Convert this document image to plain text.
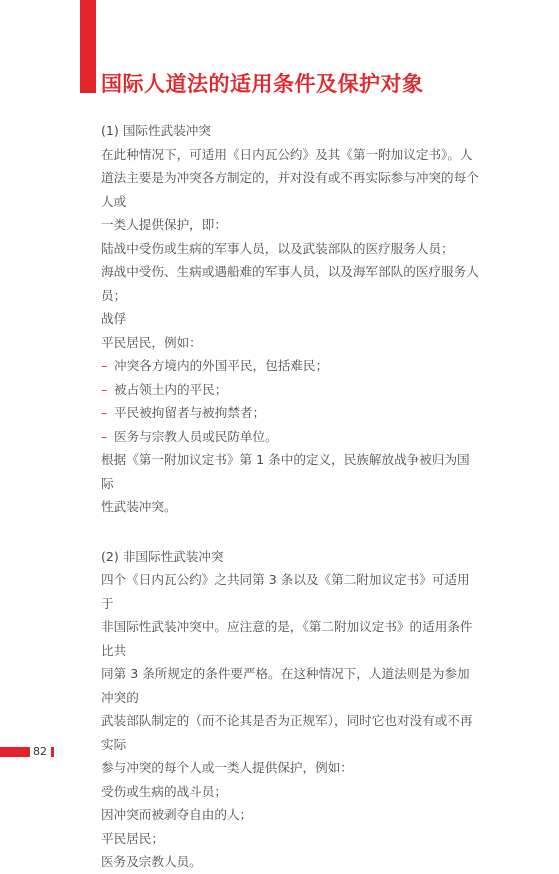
国际人道法的适用条件及保护对象

(1) 国际性武装冲突

在此种情况下，可适用《日内瓦公约》及其《第一附加议定书》。人

道法主要是为冲突各方制定的，并对没有或不再实际参与冲突的每个人或

一类人提供保护，即：

陆战中受伤或生病的军事人员，以及武装部队的医疗服务人员；

海战中受伤、生病或遇船难的军事人员，以及海军部队的医疗服务人

员；

战俘

平民居民，例如：

– 冲突各方境内的外国平民，包括难民；

– 被占领土内的平民；

– 平民被拘留者与被拘禁者；

– 医务与宗教人员或民防单位。

根据《第一附加议定书》第 1 条中的定义，民族解放战争被归为国际

性武装冲突。

(2) 非国际性武装冲突

四个《日内瓦公约》之共同第 3 条以及《第二附加议定书》可适用于

非国际性武装冲突中。应注意的是，《第二附加议定书》的适用条件比共

同第 3 条所规定的条件要严格。在这种情况下，人道法则是为参加冲突的

武装部队制定的（而不论其是否为正规军），同时它也对没有或不再实际

参与冲突的每个人或一类人提供保护，例如：

受伤或生病的战斗员；

因冲突而被剥夺自由的人；

平民居民；

医务及宗教人员。

82
